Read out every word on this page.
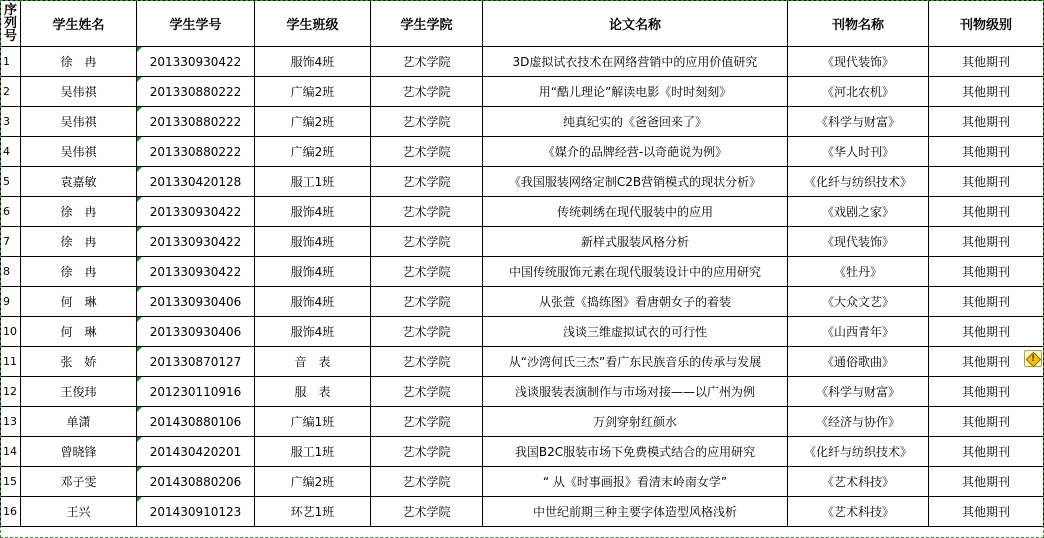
序
列
号	学生姓名	学生学号	学生班级	学生学院	论文名称	刊物名称	刊物级别
1	徐　冉	201330930422	服饰4班	艺术学院	3D虚拟试衣技术在网络营销中的应用价值研究	《现代装饰》	其他期刊
2	吴伟祺	201330880222	广编2班	艺术学院	用“酷儿理论”解读电影《时时刻刻》	《河北农机》	其他期刊
3	吴伟祺	201330880222	广编2班	艺术学院	纯真纪实的《爸爸回来了》	《科学与财富》	其他期刊
4	吴伟祺	201330880222	广编2班	艺术学院	《媒介的品牌经营-以奇葩说为例》	《华人时刊》	其他期刊
5	袁嘉敏	201330420128	服工1班	艺术学院	《我国服装网络定制C2B营销模式的现状分析》	《化纤与纺织技术》	其他期刊
6	徐　冉	201330930422	服饰4班	艺术学院	传统刺绣在现代服装中的应用	《戏剧之家》	其他期刊
7	徐　冉	201330930422	服饰4班	艺术学院	新样式服装风格分析	《现代装饰》	其他期刊
8	徐　冉	201330930422	服饰4班	艺术学院	中国传统服饰元素在现代服装设计中的应用研究	《牡丹》	其他期刊
9	何　琳	201330930406	服饰4班	艺术学院	从张萱《捣练图》看唐朝女子的着装	《大众文艺》	其他期刊
10	何　琳	201330930406	服饰4班	艺术学院	浅谈三维虚拟试衣的可行性	《山西青年》	其他期刊
11	张　娇	201330870127	音　表	艺术学院	从“沙湾何氏三杰”看广东民族音乐的传承与发展	《通俗歌曲》	其他期刊
!

12	王俊玮	201230110916	服　表	艺术学院	浅谈服装表演制作与市场对接——以广州为例	《科学与财富》	其他期刊
13	单潇	201430880106	广编1班	艺术学院	万剑穿射红颜水	《经济与协作》	其他期刊
14	曾晓锋	201430420201	服工1班	艺术学院	我国B2C服装市场下免费模式结合的应用研究	《化纤与纺织技术》	其他期刊
15	邓子雯	201430880206	广编2班	艺术学院	“ 从《时事画报》看清末岭南女学”	《艺术科技》	其他期刊
16	王兴	201430910123	环艺1班	艺术学院	中世纪前期三种主要字体造型风格浅析	《艺术科技》	其他期刊
